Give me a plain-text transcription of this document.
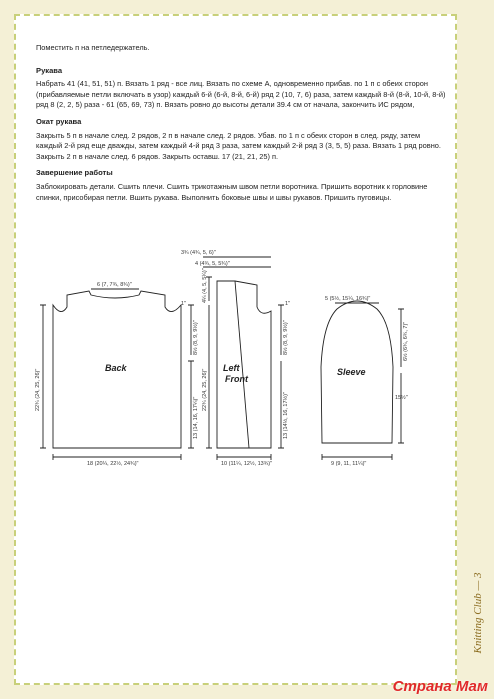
Поместить п на петледержатель.

Рукава

Набрать 41 (41, 51, 51) п. Вязать 1 ряд - все лиц. Вязать по схеме А, одновременно прибав. по 1 п с обеих сторон (прибавляемые петли включать в узор) каждый 6-й (6-й, 8-й, 6-й) ряд 2 (10, 7, 6) раза, затем каждый 8-й (8-й, 10-й, 8-й) ряд 8 (2, 2, 5) раза - 61 (65, 69, 73) п. Вязать ровно до высоты детали 39.4 см от начала, закончить ИС рядом,

Окат рукава

Закрыть 5 п в начале след. 2 рядов, 2 п в начале след. 2 рядов. Убав. по 1 п с обеих сторон в след. ряду, затем каждый 2-й ряд еще дважды, затем каждый 4-й ряд 3 раза, затем каждый 2-й ряд 3 (3, 5, 5) раза. Вязать 1 ряд ровно. Закрыть 2 п в начале след. 6 рядов. Закрыть оставш. 17 (21, 21, 25) п.

Завершение работы

Заблокировать детали. Сшить плечи. Сшить трикотажным швом петли воротника. Пришить воротник к горловине спинки, присобирая петли. Вшить рукава. Выполнить боковые швы и швы рукавов. Пришить пуговицы.

Back	Left
Front
Sleeve
3¾ (4¾, 5, 6)"
4 (4¾, 5, 5¾)"
6 (7, 7¾, 8¾)"
18 (20¼, 22½, 24¾)"
22¾ (24, 25, 26)"
8½ (8, 9, 9½)"
13 (14, 16, 17¼)"
4¼ (4, 5, 5¼)"
22¾ (24, 25, 26)"
8½ (8, 9, 9½)"
13 (14½, 16, 17½)"
10 (11¼, 12½, 13¾)"
5 (5½, 15¼, 16¾)"
6½ (6¾, 6¾, 7)"
15½"
9 (9, 11, 11¼)"
1"	1"
Knitting Club — 3
Страна Мам
